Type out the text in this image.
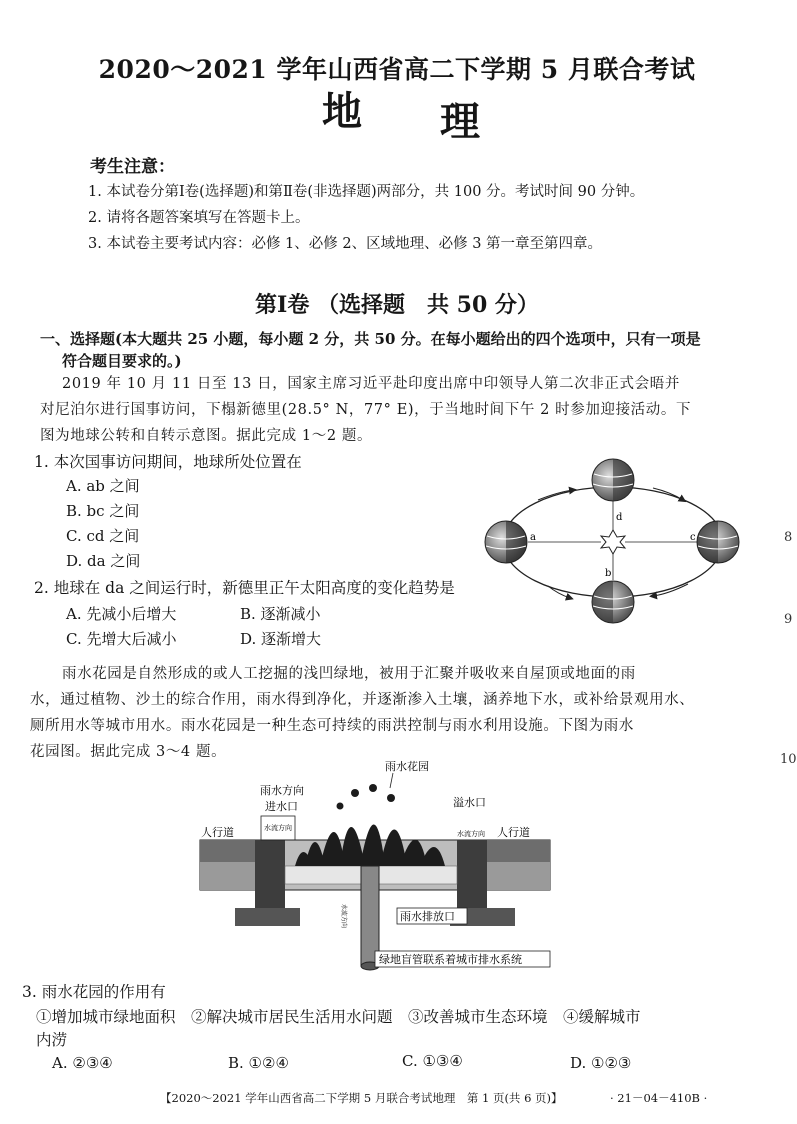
2020～2021 学年山西省高二下学期 5 月联合考试
地 理
考生注意：
1. 本试卷分第Ⅰ卷(选择题)和第Ⅱ卷(非选择题)两部分，共 100 分。考试时间 90 分钟。
2. 请将各题答案填写在答题卡上。
3. 本试卷主要考试内容：必修 1、必修 2、区域地理、必修 3 第一章至第四章。
第Ⅰ卷 （选择题　共 50 分）
一、选择题(本大题共 25 小题，每小题 2 分，共 50 分。在每小题给出的四个选项中，只有一项是
符合题目要求的。)
2019 年 10 月 11 日至 13 日，国家主席习近平赴印度出席中印领导人第二次非正式会晤并
对尼泊尔进行国事访问，下榻新德里(28.5° N，77° E)，于当地时间下午 2 时参加迎接活动。下
图为地球公转和自转示意图。据此完成 1～2 题。
1. 本次国事访问期间，地球所处位置在
A. ab 之间
B. bc 之间
C. cd 之间
D. da 之间
2. 地球在 da 之间运行时，新德里正午太阳高度的变化趋势是
A. 先减小后增大	B. 逐渐减小
C. 先增大后减小	D. 逐渐增大
d
b
a	c
雨水花园是自然形成的或人工挖掘的浅凹绿地，被用于汇聚并吸收来自屋顶或地面的雨
水，通过植物、沙土的综合作用，雨水得到净化，并逐渐渗入土壤，涵养地下水，或补给景观用水、
厕所用水等城市用水。雨水花园是一种生态可持续的雨洪控制与雨水利用设施。下图为雨水
花园图。据此完成 3～4 题。
雨水花园
雨水方向
进水口
水流方向
人行道
溢水口
水流方向 人行道
水流方向	雨水排放口
绿地盲管联系着城市排水系统
3. 雨水花园的作用有
①增加城市绿地面积　②解决城市居民生活用水问题　③改善城市生态环境　④缓解城市
内涝
A. ②③④	B. ①②④	C. ①③④	D. ①②③
8
9
10
【2020～2021 学年山西省高二下学期 5 月联合考试地理　第 1 页(共 6 页)】	· 21－04－410B ·
